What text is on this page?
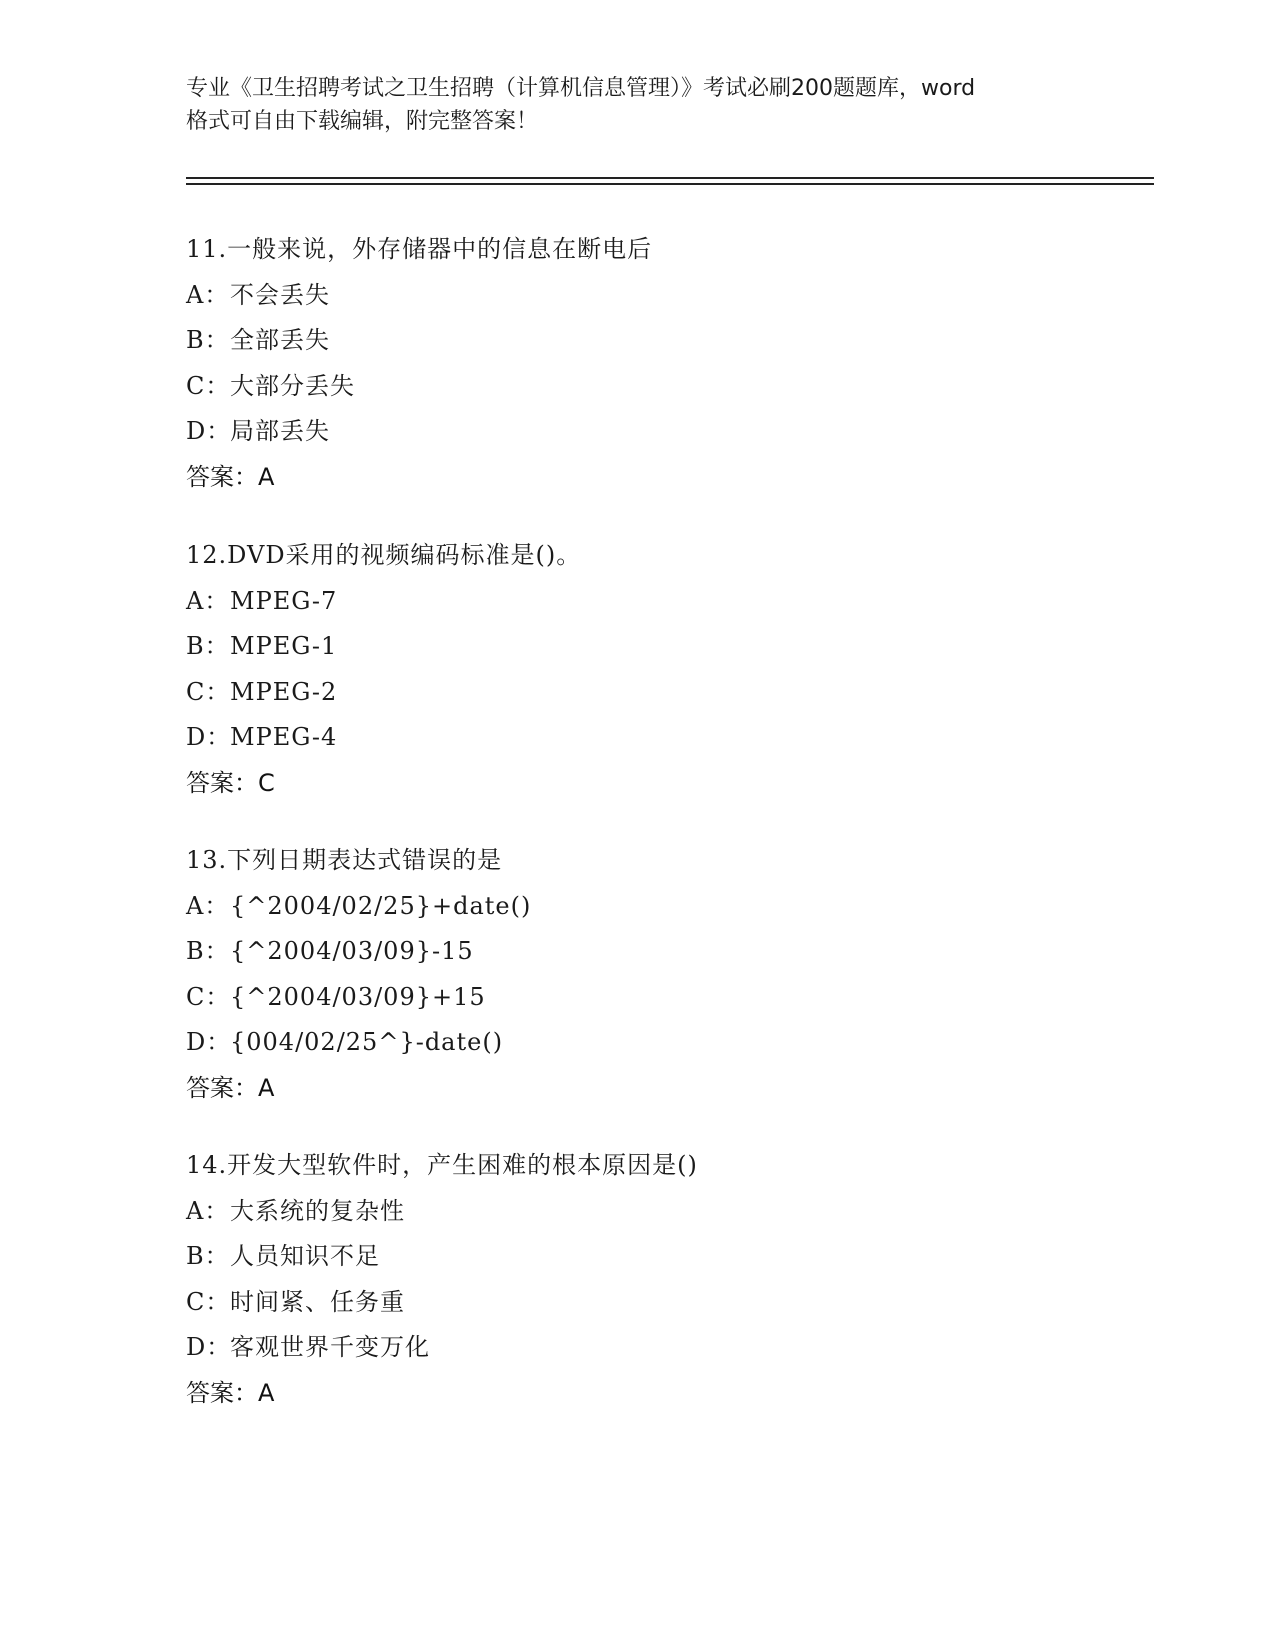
专业《卫生招聘考试之卫生招聘（计算机信息管理）》考试必刷200题题库，word
格式可自由下载编辑，附完整答案！
11.一般来说，外存储器中的信息在断电后
A：不会丢失
B：全部丢失
C：大部分丢失
D：局部丢失
答案：A
12.DVD采用的视频编码标准是()。
A：MPEG-7
B：MPEG-1
C：MPEG-2
D：MPEG-4
答案：C
13.下列日期表达式错误的是
A：{^2004/02/25}+date()
B：{^2004/03/09}-15
C：{^2004/03/09}+15
D：{004/02/25^}-date()
答案：A
14.开发大型软件时，产生困难的根本原因是()
A：大系统的复杂性
B：人员知识不足
C：时间紧、任务重
D：客观世界千变万化
答案：A
